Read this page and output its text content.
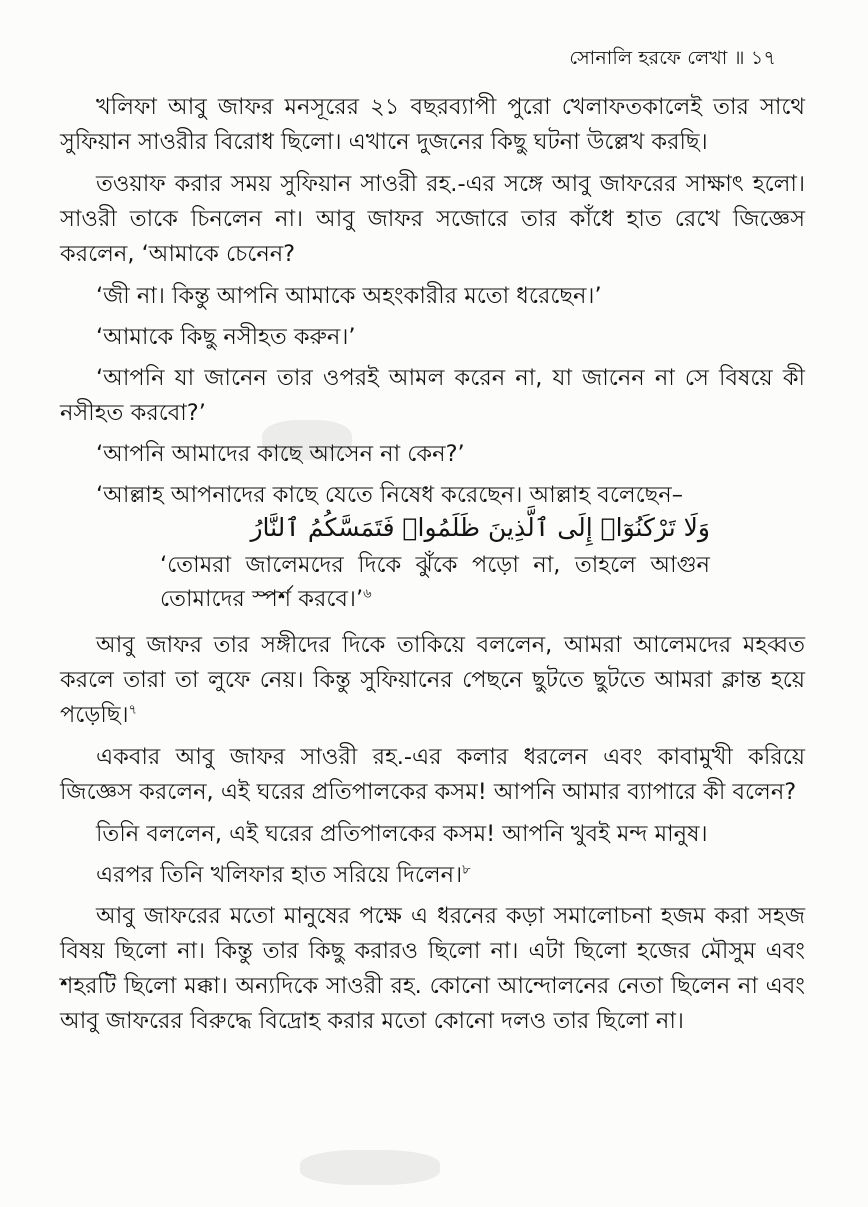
সোনালি হরফে লেখা ॥ ১৭

খলিফা আবু জাফর মনসূরের ২১ বছরব্যাপী পুরো খেলাফতকালেই তার সাথে সুফিয়ান সাওরীর বিরোধ ছিলো। এখানে দুজনের কিছু ঘটনা উল্লেখ করছি।

তওয়াফ করার সময় সুফিয়ান সাওরী রহ.-এর সঙ্গে আবু জাফরের সাক্ষাৎ হলো। সাওরী তাকে চিনলেন না। আবু জাফর সজোরে তার কাঁধে হাত রেখে জিজ্ঞেস করলেন, ‘আমাকে চেনেন?

‘জী না। কিন্তু আপনি আমাকে অহংকারীর মতো ধরেছেন।’

‘আমাকে কিছু নসীহত করুন।’

‘আপনি যা জানেন তার ওপরই আমল করেন না, যা জানেন না সে বিষয়ে কী নসীহত করবো?’

‘আপনি আমাদের কাছে আসেন না কেন?’

‘আল্লাহ আপনাদের কাছে যেতে নিষেধ করেছেন। আল্লাহ বলেছেন–

وَلَا تَرْكَنُوٓا۟ إِلَى ٱلَّذِينَ ظَلَمُوا۟ فَتَمَسَّكُمُ ٱلنَّارُ

‘তোমরা জালেমদের দিকে ঝুঁকে পড়ো না, তাহলে আগুন তোমাদের স্পর্শ করবে।’$^৬$

আবু জাফর তার সঙ্গীদের দিকে তাকিয়ে বললেন, আমরা আলেমদের মহব্বত করলে তারা তা লুফে নেয়। কিন্তু সুফিয়ানের পেছনে ছুটতে ছুটতে আমরা ক্লান্ত হয়ে পড়েছি।$^৭$

একবার আবু জাফর সাওরী রহ.-এর কলার ধরলেন এবং কাবামুখী করিয়ে জিজ্ঞেস করলেন, এই ঘরের প্রতিপালকের কসম! আপনি আমার ব্যাপারে কী বলেন?

তিনি বললেন, এই ঘরের প্রতিপালকের কসম! আপনি খুবই মন্দ মানুষ।

এরপর তিনি খলিফার হাত সরিয়ে দিলেন।$^৮$

আবু জাফরের মতো মানুষের পক্ষে এ ধরনের কড়া সমালোচনা হজম করা সহজ বিষয় ছিলো না। কিন্তু তার কিছু করারও ছিলো না। এটা ছিলো হজের মৌসুম এবং শহরটি ছিলো মক্কা। অন্যদিকে সাওরী রহ. কোনো আন্দোলনের নেতা ছিলেন না এবং আবু জাফরের বিরুদ্ধে বিদ্রোহ করার মতো কোনো দলও তার ছিলো না।
